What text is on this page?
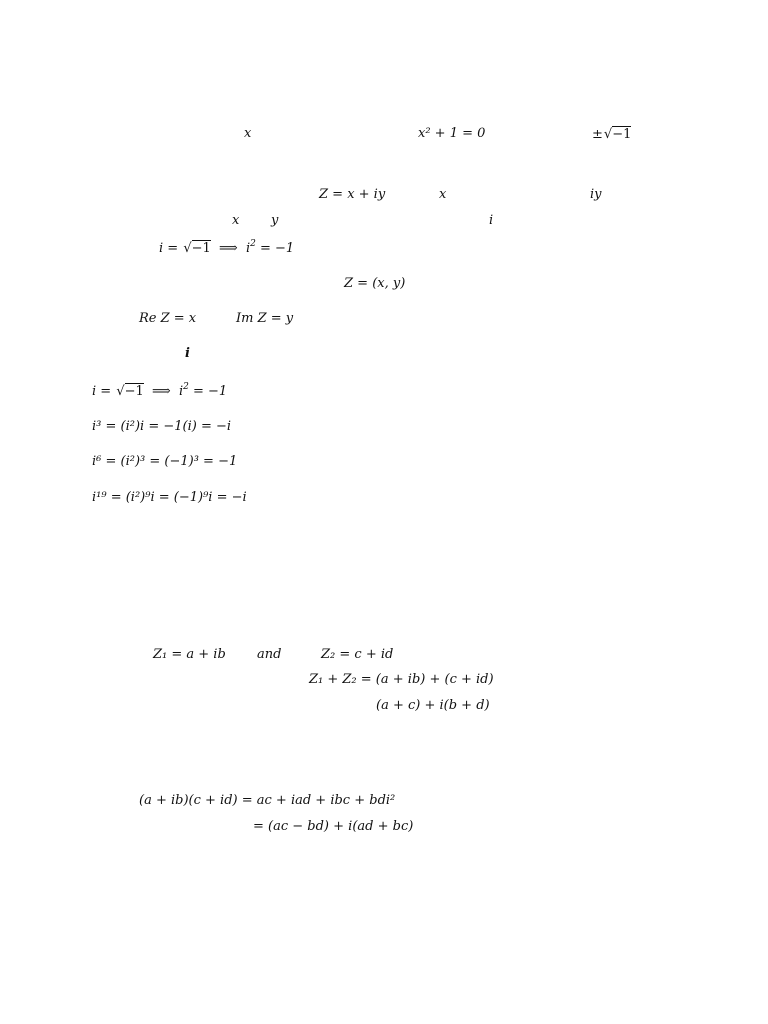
x	x² + 1 = 0	±√−1
Z = x + iy	x	iy
x y	i
i = √−1  ⟹  $i^2 = -1$
Z = (x, y)
Re Z = x	Im Z = y
i
i = √−1  ⟹  $i^2 = -1$
i³ = (i²)i = −1(i) = −i
i⁶ = (i²)³ = (−1)³ = −1
i¹⁹ = (i²)⁹i = (−1)⁹i = −i
Z₁ = a + ib and	Z₂ = c + id
Z₁ + Z₂ = (a + ib) + (c + id)
(a + c) + i(b + d)
(a + ib)(c + id) = ac + iad + ibc + bdi²
= (ac − bd) + i(ad + bc)
